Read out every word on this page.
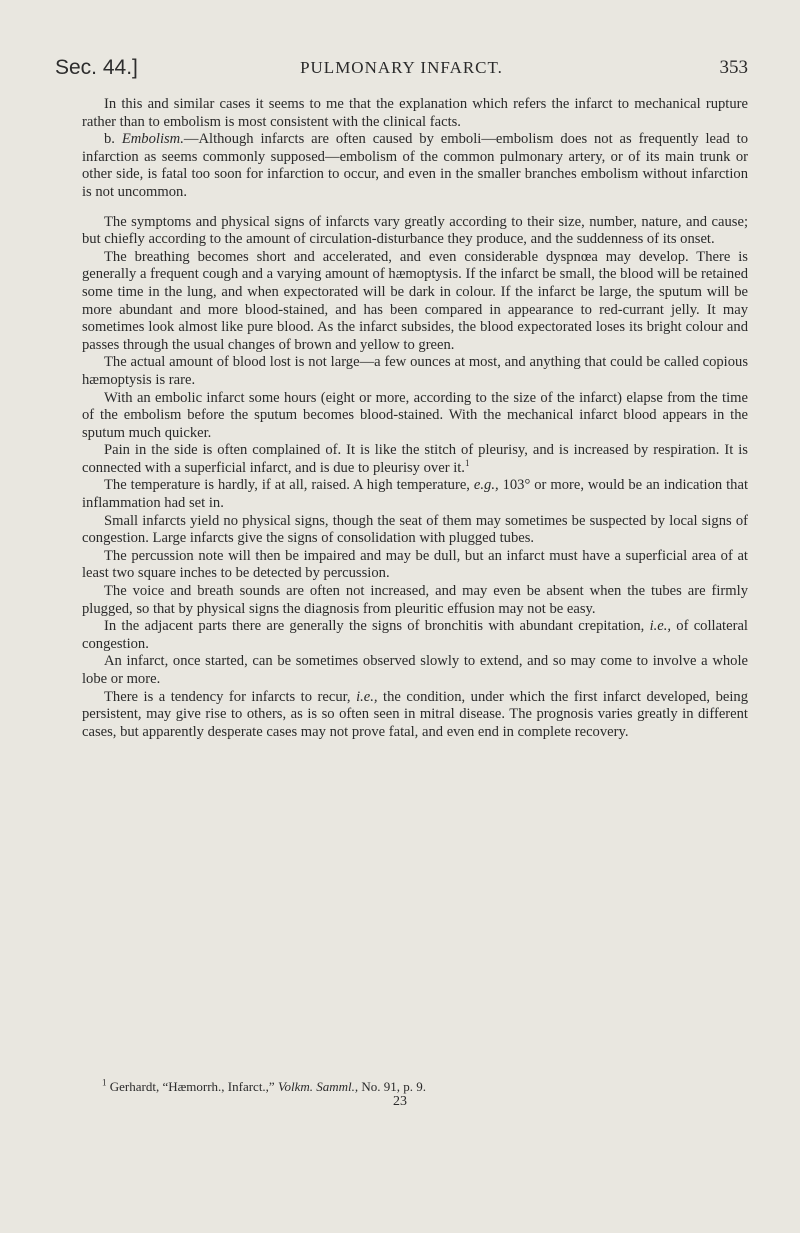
Sec. 44.]	PULMONARY INFARCT.	353

In this and similar cases it seems to me that the explanation which refers the infarct to mechanical rupture rather than to embolism is most consistent with the clinical facts.

b. Embolism.—Although infarcts are often caused by emboli—embolism does not as frequently lead to infarction as seems commonly supposed—embolism of the common pulmonary artery, or of its main trunk or other side, is fatal too soon for infarction to occur, and even in the smaller branches embolism without infarction is not uncommon.

The symptoms and physical signs of infarcts vary greatly according to their size, number, nature, and cause; but chiefly according to the amount of circulation-disturbance they produce, and the suddenness of its onset.

The breathing becomes short and accelerated, and even considerable dyspnœa may develop. There is generally a frequent cough and a varying amount of hæmoptysis. If the infarct be small, the blood will be retained some time in the lung, and when expectorated will be dark in colour. If the infarct be large, the sputum will be more abundant and more blood-stained, and has been compared in appearance to red-currant jelly. It may sometimes look almost like pure blood. As the infarct subsides, the blood expectorated loses its bright colour and passes through the usual changes of brown and yellow to green.

The actual amount of blood lost is not large—a few ounces at most, and anything that could be called copious hæmoptysis is rare.

With an embolic infarct some hours (eight or more, according to the size of the infarct) elapse from the time of the embolism before the sputum becomes blood-stained. With the mechanical infarct blood appears in the sputum much quicker.

Pain in the side is often complained of. It is like the stitch of pleurisy, and is increased by respiration. It is connected with a superficial infarct, and is due to pleurisy over it.$^1$

The temperature is hardly, if at all, raised. A high temperature, e.g., 103° or more, would be an indication that inflammation had set in.

Small infarcts yield no physical signs, though the seat of them may sometimes be suspected by local signs of congestion. Large infarcts give the signs of consolidation with plugged tubes.

The percussion note will then be impaired and may be dull, but an infarct must have a superficial area of at least two square inches to be detected by percussion.

The voice and breath sounds are often not increased, and may even be absent when the tubes are firmly plugged, so that by physical signs the diagnosis from pleuritic effusion may not be easy.

In the adjacent parts there are generally the signs of bronchitis with abundant crepitation, i.e., of collateral congestion.

An infarct, once started, can be sometimes observed slowly to extend, and so may come to involve a whole lobe or more.

There is a tendency for infarcts to recur, i.e., the condition, under which the first infarct developed, being persistent, may give rise to others, as is so often seen in mitral disease. The prognosis varies greatly in different cases, but apparently desperate cases may not prove fatal, and even end in complete recovery.

$^1$ Gerhardt, “Hæmorrh., Infarct.,” Volkm. Samml., No. 91, p. 9.

23
